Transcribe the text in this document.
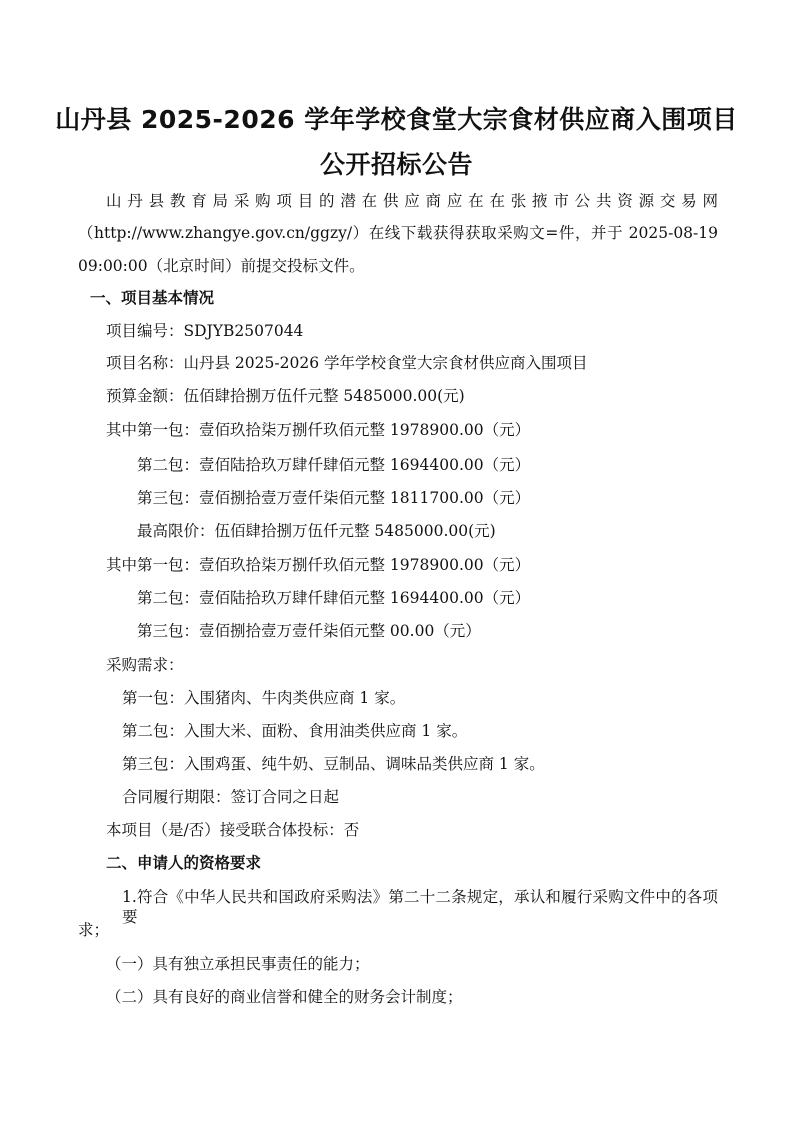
山丹县 2025-2026 学年学校食堂大宗食材供应商入围项目
公开招标公告
山丹县教育局采购项目的潜在供应商应在在张掖市公共资源交易网
（http://www.zhangye.gov.cn/ggzy/）在线下载获得获取采购文=件，并于 2025-08-19
09:00:00（北京时间）前提交投标文件。
一、项目基本情况
项目编号：SDJYB2507044
项目名称：山丹县 2025-2026 学年学校食堂大宗食材供应商入围项目
预算金额：伍佰肆拾捌万伍仟元整 5485000.00(元)
其中第一包：壹佰玖拾柒万捌仟玖佰元整 1978900.00（元）
第二包：壹佰陆拾玖万肆仟肆佰元整 1694400.00（元）
第三包：壹佰捌拾壹万壹仟柒佰元整 1811700.00（元）
最高限价：伍佰肆拾捌万伍仟元整 5485000.00(元)
其中第一包：壹佰玖拾柒万捌仟玖佰元整 1978900.00（元）
第二包：壹佰陆拾玖万肆仟肆佰元整 1694400.00（元）
第三包：壹佰捌拾壹万壹仟柒佰元整 00.00（元）
采购需求：
第一包：入围猪肉、牛肉类供应商 1 家。
第二包：入围大米、面粉、食用油类供应商 1 家。
第三包：入围鸡蛋、纯牛奶、豆制品、调味品类供应商 1 家。
合同履行期限：签订合同之日起
本项目（是/否）接受联合体投标：否
二、申请人的资格要求
1.符合《中华人民共和国政府采购法》第二十二条规定，承认和履行采购文件中的各项要
求；
（一）具有独立承担民事责任的能力；
（二）具有良好的商业信誉和健全的财务会计制度；
